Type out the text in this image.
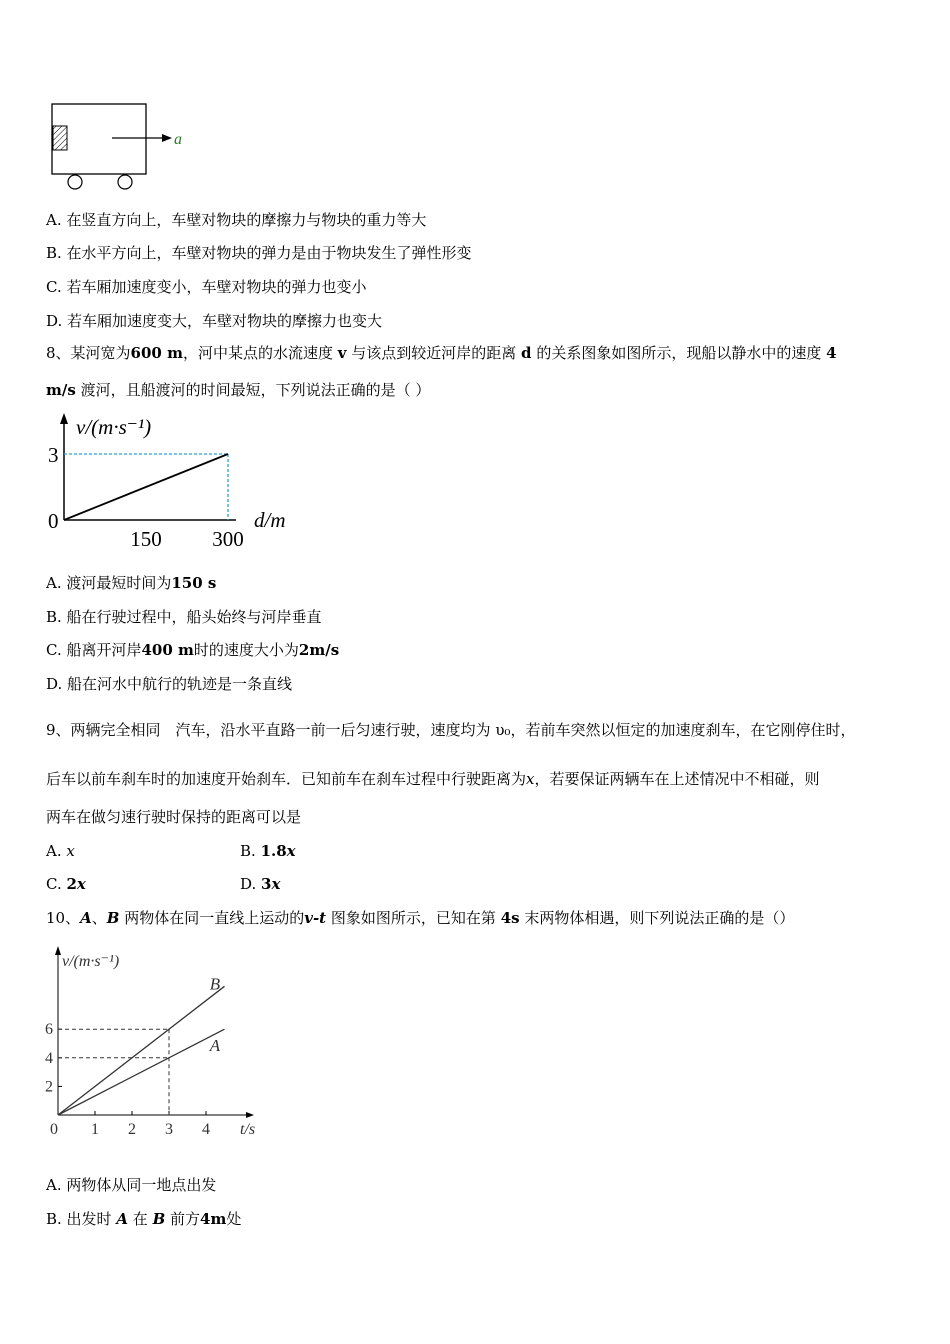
a
A. 在竖直方向上，车壁对物块的摩擦力与物块的重力等大
B. 在水平方向上，车壁对物块的弹力是由于物块发生了弹性形变
C. 若车厢加速度变小，车壁对物块的弹力也变小
D. 若车厢加速度变大，车壁对物块的摩擦力也变大
8、某河宽为600 m，河中某点的水流速度 v 与该点到较近河岸的距离 d 的关系图象如图所示，现船以静水中的速度 4
m/s 渡河，且船渡河的时间最短，下列说法正确的是（ ）
v/(m·s⁻¹)
d/m
0
3
150 300
A. 渡河最短时间为150 s
B. 船在行驶过程中，船头始终与河岸垂直
C. 船离开河岸400 m时的速度大小为2m/s
D. 船在河水中航行的轨迹是一条直线
9、两辆完全相同　汽车，沿水平直路一前一后匀速行驶，速度均为 υ₀，若前车突然以恒定的加速度刹车，在它刚停住时，
后车以前车刹车时的加速度开始刹车．已知前车在刹车过程中行驶距离为x，若要保证两辆车在上述情况中不相碰，则
两车在做匀速行驶时保持的距离可以是
A. x	B. 1.8x
C. 2x	D. 3x
10、A、B 两物体在同一直线上运动的v-t 图象如图所示，已知在第 4s 末两物体相遇，则下列说法正确的是（）
1 2 3 4
2
4
6
0
B
A
v/(m·s⁻¹)
t/s
A. 两物体从同一地点出发
B. 出发时 A 在 B 前方4m处
